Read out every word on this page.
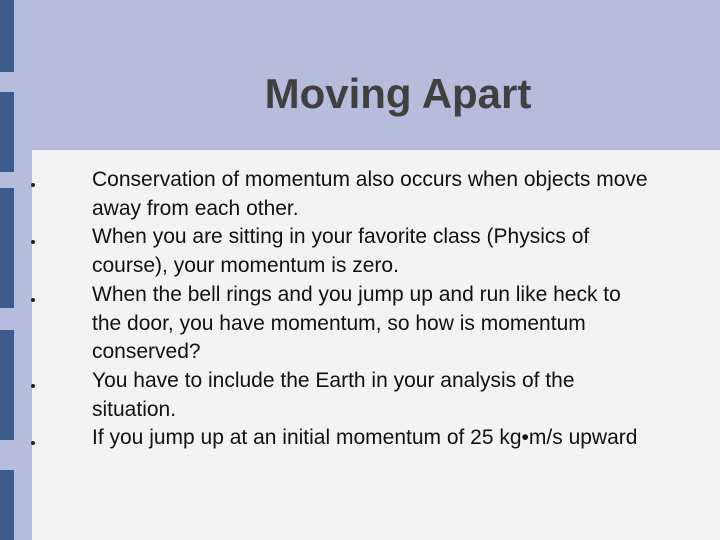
Moving Apart
Conservation of momentum also occurs when objects move
away from each other.
When you are sitting in your favorite class (Physics of
course), your momentum is zero.
When the bell rings and you jump up and run like heck to
the door, you have momentum, so how is momentum
conserved?
You have to include the Earth in your analysis of the
situation.
If you jump up at an initial momentum of 25 kg•m/s upward
